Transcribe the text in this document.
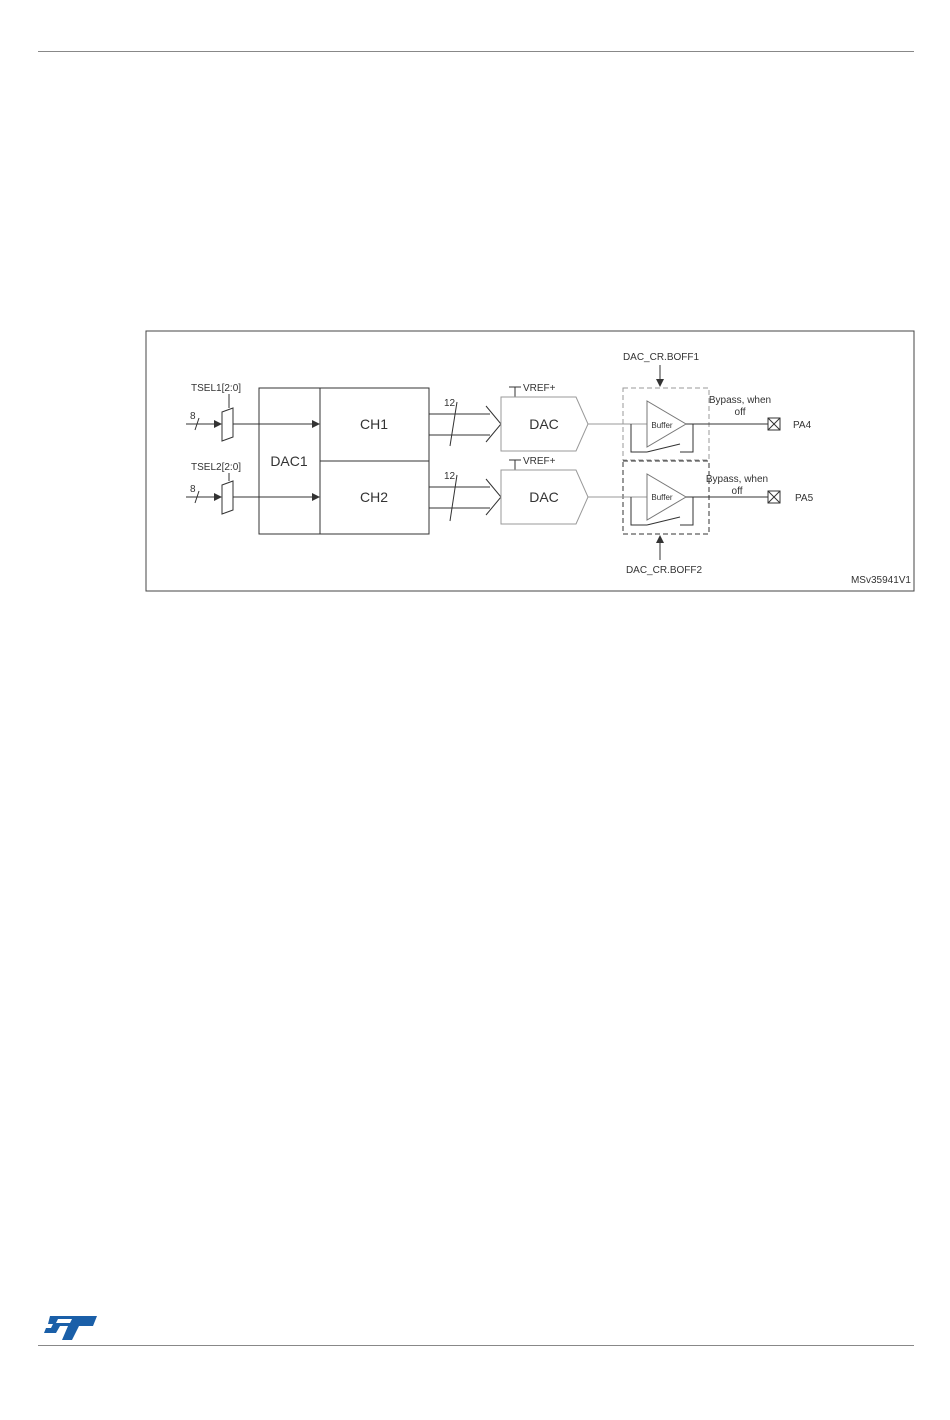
TSEL1[2:0]
8
TSEL2[2:0]
8
DAC1
CH1
CH2
12
12
VREF+
DAC
VREF+
DAC
DAC_CR.BOFF1
Buffer
Bypass, when
off
PA4
Buffer
Bypass, when
off
PA5
DAC_CR.BOFF2
MSv35941V1
